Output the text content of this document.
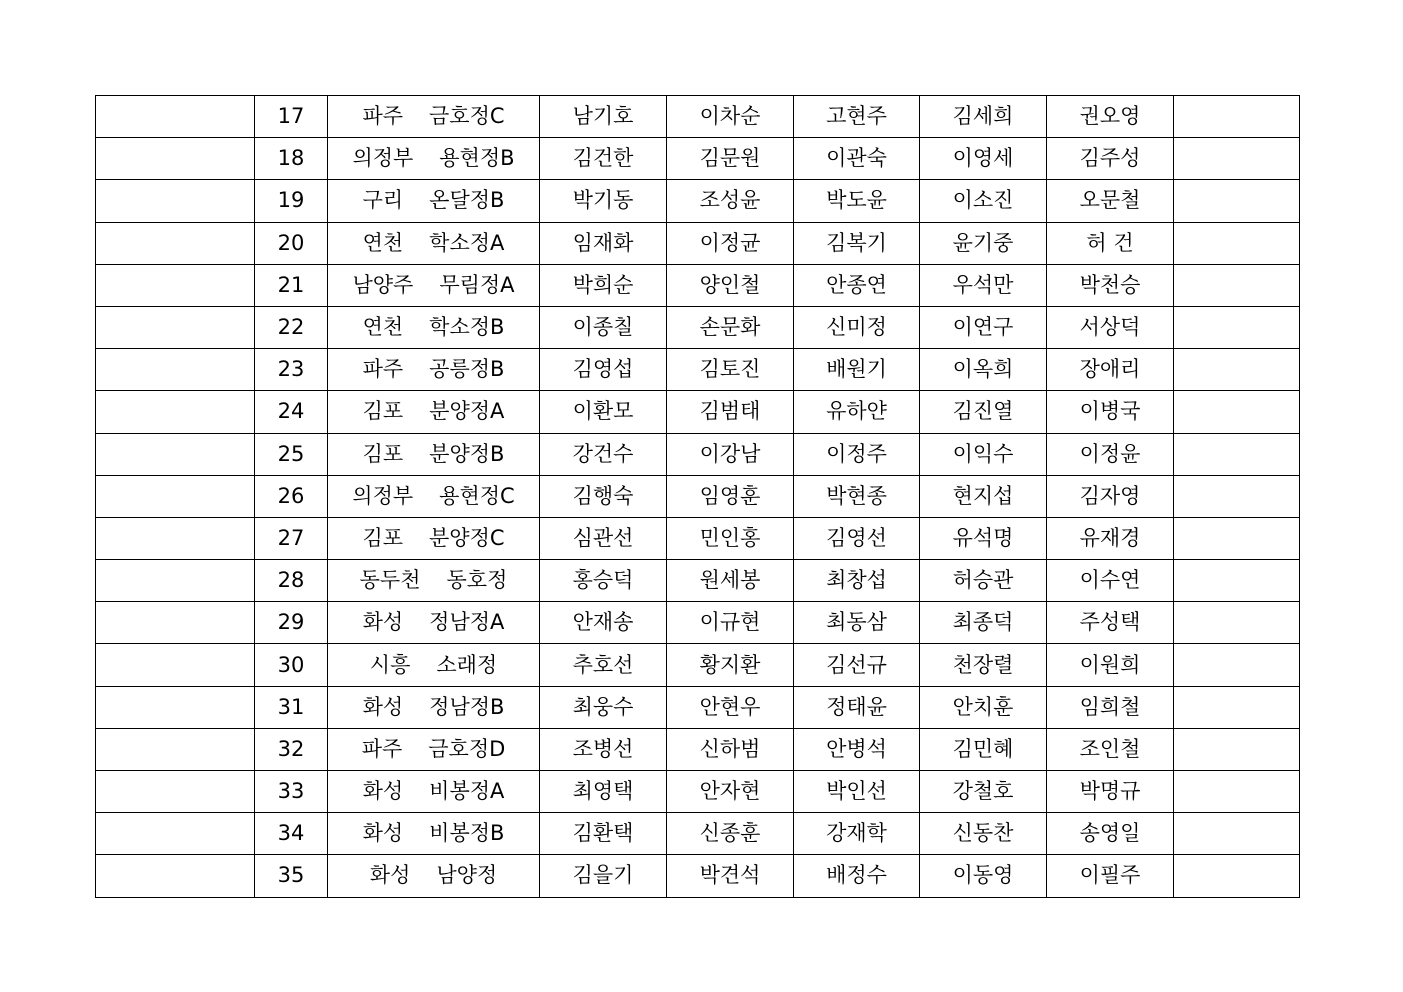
	17	파주 금호정C	남기호	이차순	고현주	김세희	권오영	
	18	의정부 용현정B	김건한	김문원	이관숙	이영세	김주성	
	19	구리 온달정B	박기동	조성윤	박도윤	이소진	오문철	
	20	연천 학소정A	임재화	이정균	김복기	윤기중	허 건	
	21	남양주 무림정A	박희순	양인철	안종연	우석만	박천승	
	22	연천 학소정B	이종칠	손문화	신미정	이연구	서상덕	
	23	파주 공릉정B	김영섭	김토진	배원기	이옥희	장애리	
	24	김포 분양정A	이환모	김범태	유하얀	김진열	이병국	
	25	김포 분양정B	강건수	이강남	이정주	이익수	이정윤	
	26	의정부 용현정C	김행숙	임영훈	박현종	현지섭	김자영	
	27	김포 분양정C	심관선	민인홍	김영선	유석명	유재경	
	28	동두천 동호정	홍승덕	원세봉	최창섭	허승관	이수연	
	29	화성 정남정A	안재송	이규현	최동삼	최종덕	주성택	
	30	시흥 소래정	추호선	황지환	김선규	천장렬	이원희	
	31	화성 정남정B	최웅수	안현우	정태윤	안치훈	임희철	
	32	파주 금호정D	조병선	신하범	안병석	김민혜	조인철	
	33	화성 비봉정A	최영택	안자현	박인선	강철호	박명규	
	34	화성 비봉정B	김환택	신종훈	강재학	신동찬	송영일	
	35	화성 남양정	김을기	박견석	배정수	이동영	이필주	
